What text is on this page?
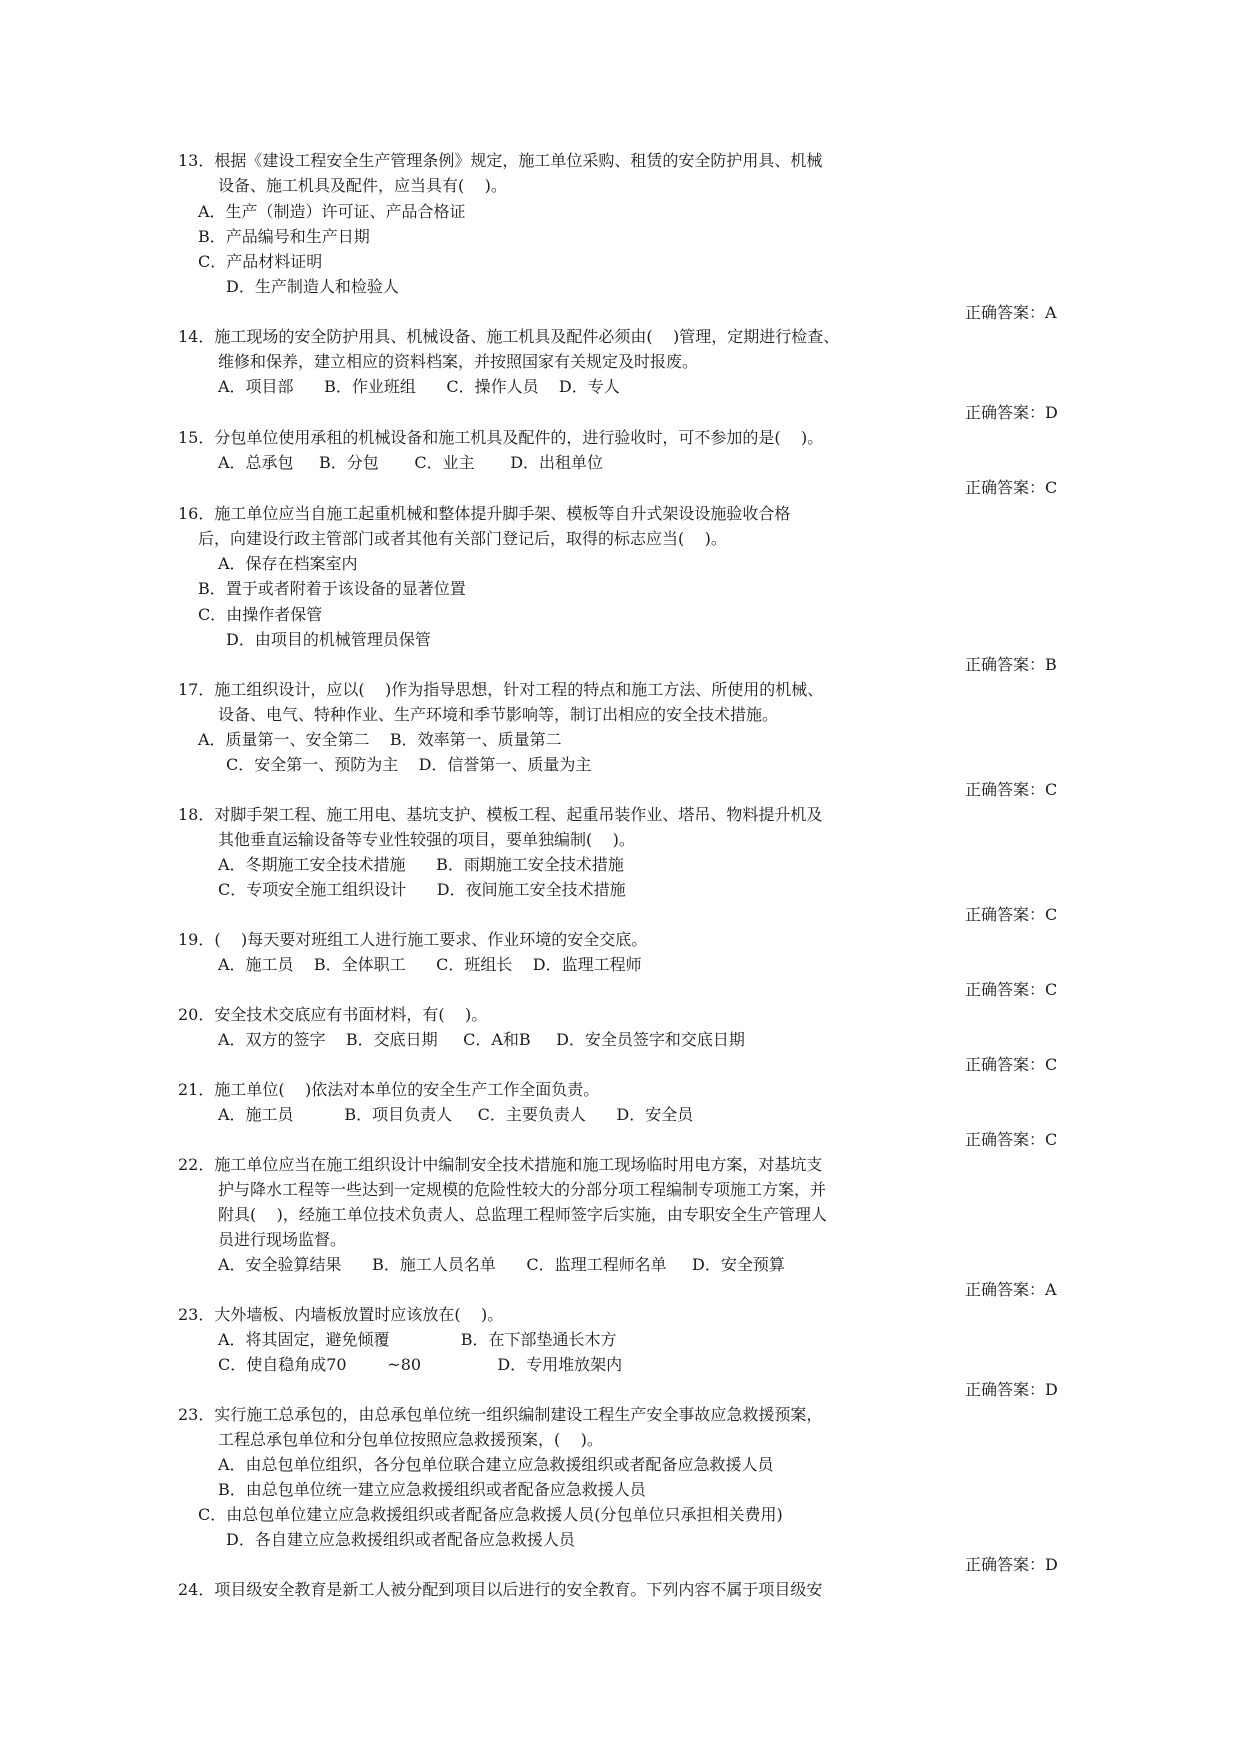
13．根据《建设工程安全生产管理条例》规定，施工单位采购、租赁的安全防护用具、机械
设备、施工机具及配件，应当具有(    )。
A．生产（制造）许可证、产品合格证
B．产品编号和生产日期
C．产品材料证明
D．生产制造人和检验人
正确答案：A
14．施工现场的安全防护用具、机械设备、施工机具及配件必须由(    )管理，定期进行检查、
维修和保养，建立相应的资料档案，并按照国家有关规定及时报废。
A．项目部      B．作业班组      C．操作人员    D．专人
正确答案：D
15．分包单位使用承租的机械设备和施工机具及配件的，进行验收时，可不参加的是(    )。
A．总承包     B．分包       C．业主       D．出租单位
正确答案：C
16．施工单位应当自施工起重机械和整体提升脚手架、模板等自升式架设设施验收合格
后，向建设行政主管部门或者其他有关部门登记后，取得的标志应当(    )。
A．保存在档案室内
B．置于或者附着于该设备的显著位置
C．由操作者保管
D．由项目的机械管理员保管
正确答案：B
17．施工组织设计，应以(    )作为指导思想，针对工程的特点和施工方法、所使用的机械、
设备、电气、特种作业、生产环境和季节影响等，制订出相应的安全技术措施。
A．质量第一、安全第二    B．效率第一、质量第二
C．安全第一、预防为主    D．信誉第一、质量为主
正确答案：C
18．对脚手架工程、施工用电、基坑支护、模板工程、起重吊装作业、塔吊、物料提升机及
其他垂直运输设备等专业性较强的项目，要单独编制(    )。
A．冬期施工安全技术措施      B．雨期施工安全技术措施
C．专项安全施工组织设计      D．夜间施工安全技术措施
正确答案：C
19．(    )每天要对班组工人进行施工要求、作业环境的安全交底。
A．施工员    B．全体职工      C．班组长    D．监理工程师
正确答案：C
20．安全技术交底应有书面材料，有(    )。
A．双方的签字    B．交底日期     C．A和B     D．安全员签字和交底日期
正确答案：C
21．施工单位(    )依法对本单位的安全生产工作全面负责。
A．施工员          B．项目负责人     C．主要负责人      D．安全员
正确答案：C
22．施工单位应当在施工组织设计中编制安全技术措施和施工现场临时用电方案，对基坑支
护与降水工程等一些达到一定规模的危险性较大的分部分项工程编制专项施工方案，并
附具(    )，经施工单位技术负责人、总监理工程师签字后实施，由专职安全生产管理人
员进行现场监督。
A．安全验算结果      B．施工人员名单      C．监理工程师名单     D．安全预算
正确答案：A
23．大外墙板、内墙板放置时应该放在(    )。
A．将其固定，避免倾覆              B．在下部垫通长木方
C．使自稳角成70        ~80               D．专用堆放架内
正确答案：D
23．实行施工总承包的，由总承包单位统一组织编制建设工程生产安全事故应急救援预案，
工程总承包单位和分包单位按照应急救援预案，(    )。
A．由总包单位组织，各分包单位联合建立应急救援组织或者配备应急救援人员
B．由总包单位统一建立应急救援组织或者配备应急救援人员
C．由总包单位建立应急救援组织或者配备应急救援人员(分包单位只承担相关费用)
D．各自建立应急救援组织或者配备应急救援人员
正确答案：D
24．项目级安全教育是新工人被分配到项目以后进行的安全教育。下列内容不属于项目级安
